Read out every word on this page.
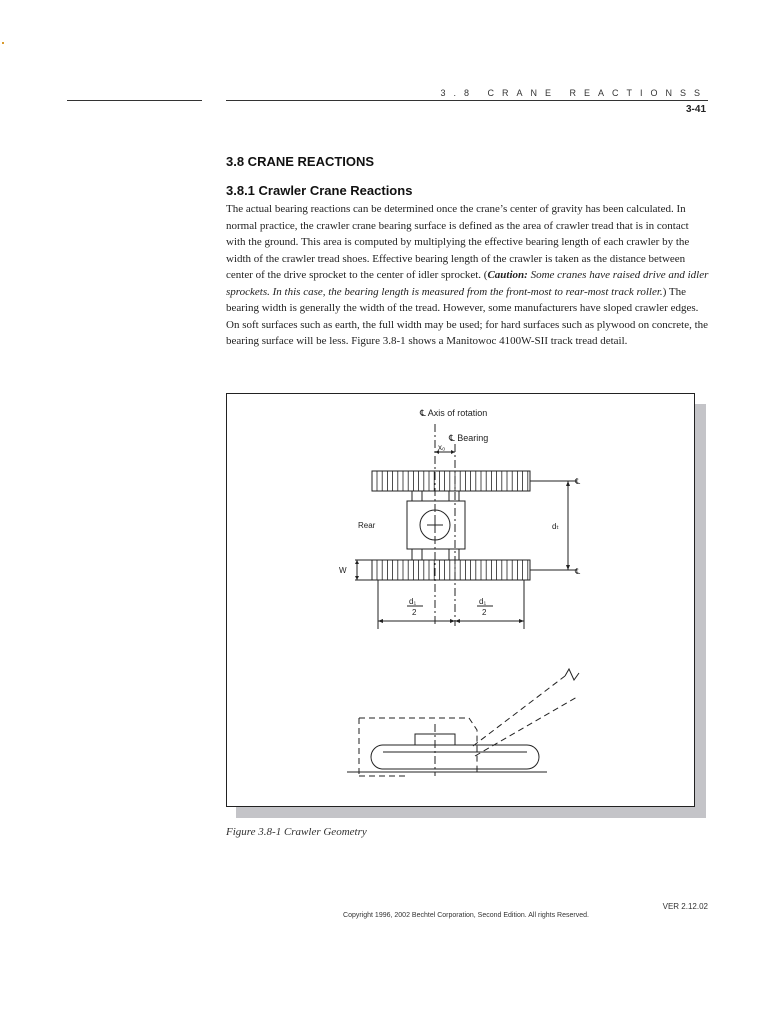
3.8 CRANE REACTIONSS
3-41
3.8 CRANE REACTIONS
3.8.1 Crawler Crane Reactions

The actual bearing reactions can be determined once the crane’s center of gravity has been calculated. In normal practice, the crawler crane bearing surface is defined as the area of crawler tread that is in contact with the ground. This area is computed by multiplying the effective bearing length of each crawler by the width of the crawler tread shoes. Effective bearing length of the crawler is taken as the distance between center of the drive sprocket to the center of idler sprocket. (Caution: Some cranes have raised drive and idler sprockets. In this case, the bearing length is measured from the front-most to rear-most track roller.) The bearing width is generally the width of the tread. However, some manufacturers have sloped crawler edges. On soft surfaces such as earth, the full width may be used; for hard surfaces such as plywood on concrete, the bearing surface will be less. Figure 3.8-1 shows a Manitowoc 4100W-SII track tread detail.

℄ Axis of rotation
℄ Bearing
x₀
Rear
W
dₜ
℄
℄
d₁
2
d₁
2

Figure 3.8-1 Crawler Geometry

VER 2.12.02
Copyright 1996, 2002 Bechtel Corporation, Second Edition. All rights Reserved.
